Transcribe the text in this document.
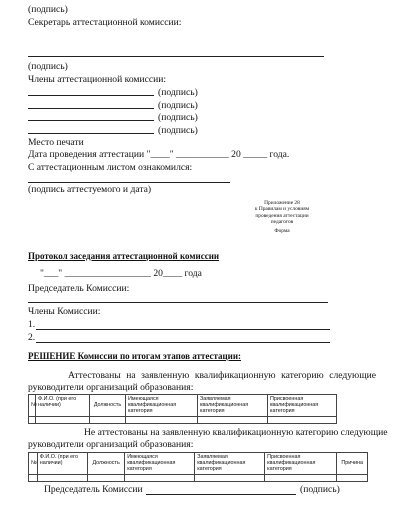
(подпись)
Секретарь аттестационной комиссии:
(подпись)
Члены аттестационной комиссии:
(подпись)
(подпись)
(подпись)
(подпись)
Место печати
Дата проведения аттестации "____" ___________ 20 _____ года.
С аттестационным листом ознакомился:
(подпись аттестуемого и дата)
Приложение 28
к Правилам и условиям
проведения аттестации
педагогов
Форма
Протокол заседания аттестационной комиссии
"___" __________________ 20____ года
Председатель Комиссии:
Члены Комиссии:
1.
2.
РЕШЕНИЕ Комиссии по итогам этапов аттестации:
Аттестованы на заявленную квалификационную категорию следующие
руководители организаций образования:
№	Ф.И.О. (при его наличии)	Должность	Имеющаяся квалификационная категория	Заявляемая квалификационная категория	Присвоенная квалификационная категория

Не аттестованы на заявленную квалификационную категорию следующие
руководители организаций образования:
№	Ф.И.О. (при его наличии)	Должность	Имеющаяся квалификационная категория	Заявляемая квалификационная категория	Присвоенная квалификационная категория	Причина

Председатель Комиссии	(подпись)
